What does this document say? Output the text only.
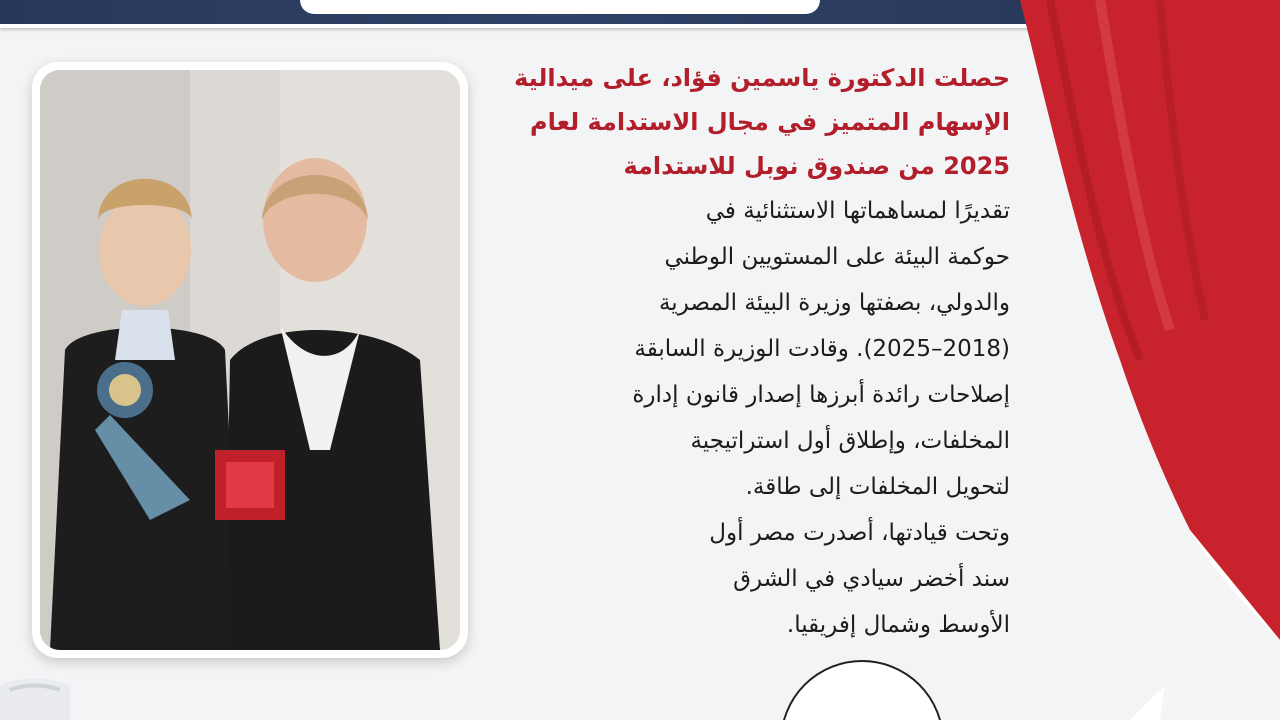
حصلت الدكتورة ياسمين فؤاد، على ميدالية
الإسهام المتميز في مجال الاستدامة لعام
2025 من صندوق نوبل للاستدامة

تقديرًا لمساهماتها الاستثنائية في
حوكمة البيئة على المستويين الوطني
والدولي، بصفتها وزيرة البيئة المصرية
(2018–2025). وقادت الوزيرة السابقة
إصلاحات رائدة أبرزها إصدار قانون إدارة
المخلفات، وإطلاق أول استراتيجية
لتحويل المخلفات إلى طاقة.
وتحت قيادتها، أصدرت مصر أول
سند أخضر سيادي في الشرق
الأوسط وشمال إفريقيا.
